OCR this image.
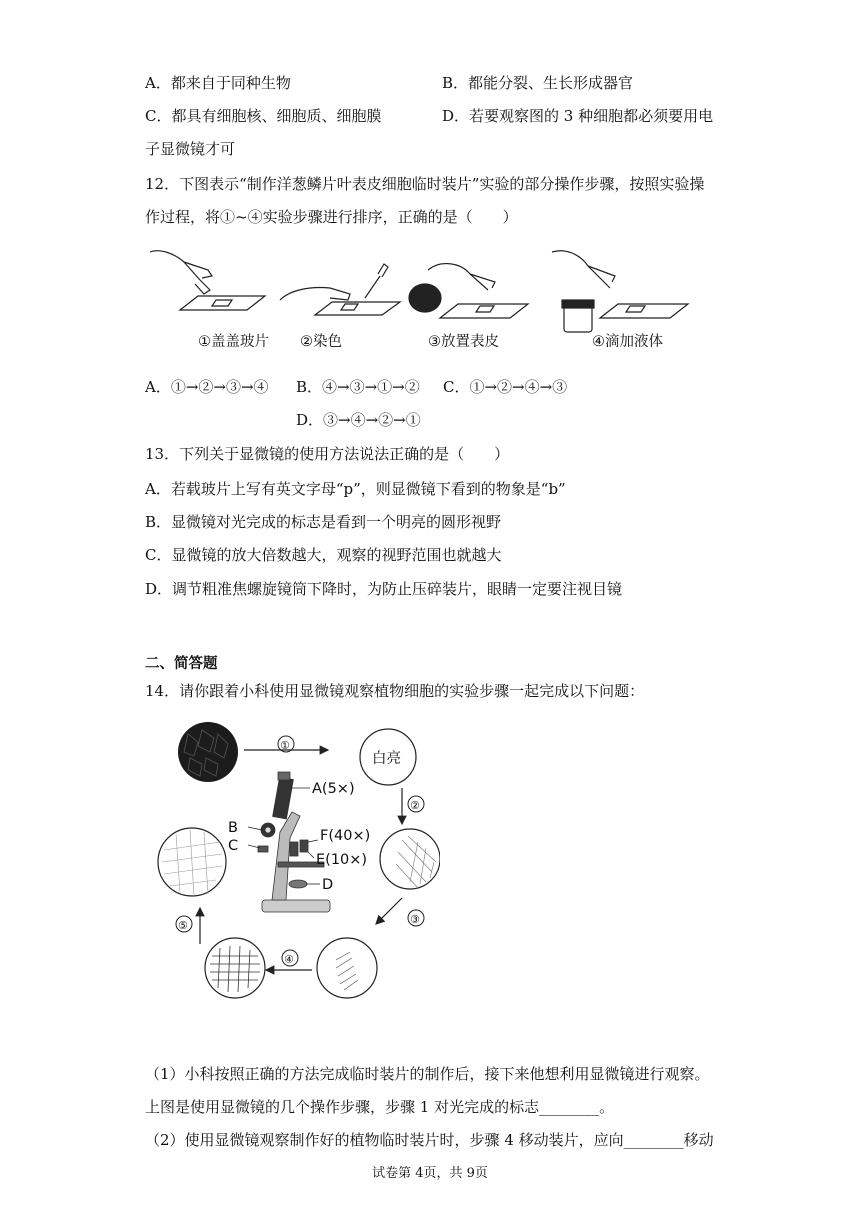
A．都来自于同种生物	B．都能分裂、生长形成器官
C．都具有细胞核、细胞质、细胞膜	D．若要观察图的 3 种细胞都必须要用电
子显微镜才可
12．下图表示“制作洋葱鳞片叶表皮细胞临时装片”实验的部分操作步骤，按照实验操
作过程，将①~④实验步骤进行排序，正确的是（　　）
①盖盖玻片 ②染色	③放置表皮	④滴加液体
A．①→②→③→④ B．④→③→①→② C．①→②→④→③
D．③→④→②→①
13．下列关于显微镜的使用方法说法正确的是（　　）
A．若载玻片上写有英文字母“p”，则显微镜下看到的物象是“b”
B．显微镜对光完成的标志是看到一个明亮的圆形视野
C．显微镜的放大倍数越大，观察的视野范围也就越大
D．调节粗准焦螺旋镜筒下降时，为防止压碎装片，眼睛一定要注视目镜
二、简答题
14．请你跟着小科使用显微镜观察植物细胞的实验步骤一起完成以下问题：
①
白亮
②
③
④
⑤
A(5×)
B
C
F(40×)
E(10×)
D
（1）小科按照正确的方法完成临时装片的制作后，接下来他想利用显微镜进行观察。
上图是使用显微镜的几个操作步骤，步骤 1 对光完成的标志________。
（2）使用显微镜观察制作好的植物临时装片时，步骤 4 移动装片，应向________移动
试卷第 4页，共 9页
